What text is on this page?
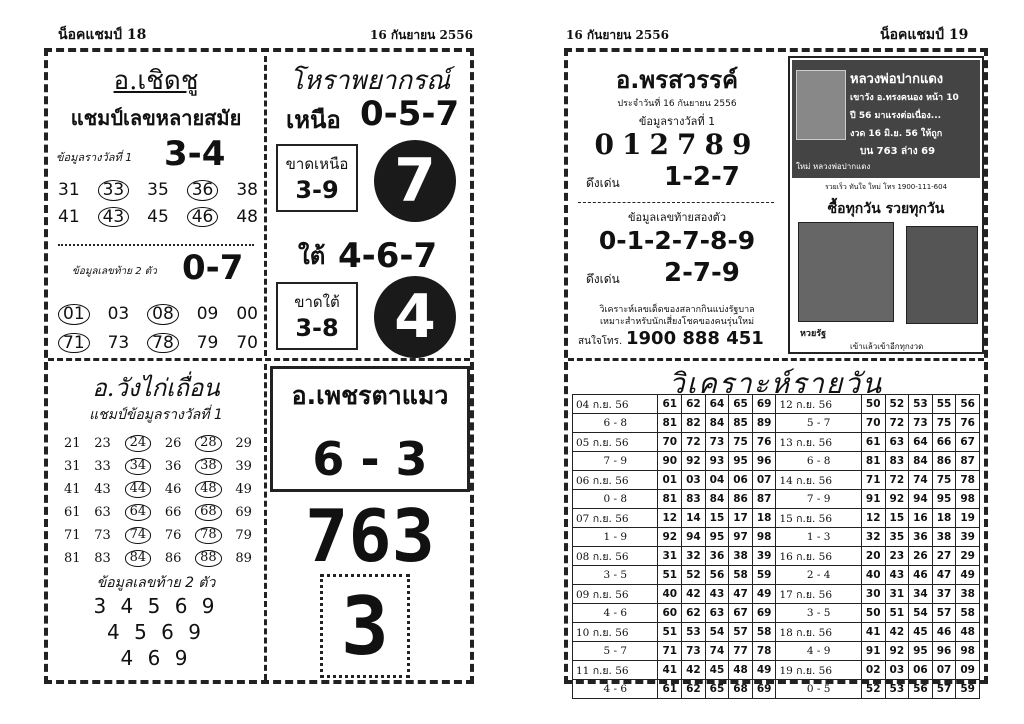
น็อคแชมป์ 18	16 กันยายน 2556
อ.เชิดชู
แชมป์เลขหลายสมัย
ข้อมูลรางวัลที่ 1 3-4
31 33 35 36 38
41 43 45 46 48
ข้อมูลเลขท้าย 2 ตัว 0-7
01 03 08 09 00
71 73 78 79 70
โหราพยากรณ์
เหนือ 0-5-7
ขาดเหนือ
3-9 7
ใต้ 4-6-7
ขาดใต้
3-8 4
อ.วังไก่เถื่อน
แชมป์ข้อมูลรางวัลที่ 1
21 23	24	26	28	29
31 33	34	36	38	39
41 43	44	46	48	49
61 63	64	66	68	69
71 73	74	76	78	79
81 83	84	86	88	89
ข้อมูลเลขท้าย 2 ตัว
3 4 5 6 9
4 5 6 9
4 6 9
อ.เพชรตาแมว
6 - 3
763
3
16 กันยายน 2556	น็อคแชมป์ 19
อ.พรสวรรค์
ประจำวันที่ 16 กันยายน 2556
ข้อมูลรางวัลที่ 1
012789
ดึงเด่น 1-2-7
ข้อมูลเลขท้ายสองตัว
0-1-2-7-8-9
ดึงเด่น 2-7-9
วิเคราะห์เลขเด็ดของสลากกินแบ่งรัฐบาล
เหมาะสำหรับนักเสี่ยงโชคของคนรุ่นใหม่
สนใจโทร. 1900 888 451
หลวงพ่อปากแดง
เขาวัง อ.ทรงคนอง หน้า 10
ปี 56 มาแรงต่อเนื่อง...
งวด 16 มิ.ย. 56 ให้ถูก
บน 763 ล่าง 69
ใหม่ หลวงพ่อปากแดง
รวยเร็ว ทันใจ ใหม่ โทร 1900-111-604
ซื้อทุกวัน รวยทุกวัน
หวยรัฐ
เข้าแล้วเข้าอีกทุกงวด
วิเคราะห์รายวัน
04 ก.ย. 56	61	62	64	65	69	12 ก.ย. 56	50	52	53	55	56
6 - 8	81	82	84	85	89	5 - 7	70	72	73	75	76
05 ก.ย. 56	70	72	73	75	76	13 ก.ย. 56	61	63	64	66	67
7 - 9	90	92	93	95	96	6 - 8	81	83	84	86	87
06 ก.ย. 56	01	03	04	06	07	14 ก.ย. 56	71	72	74	75	78
0 - 8	81	83	84	86	87	7 - 9	91	92	94	95	98
07 ก.ย. 56	12	14	15	17	18	15 ก.ย. 56	12	15	16	18	19
1 - 9	92	94	95	97	98	1 - 3	32	35	36	38	39
08 ก.ย. 56	31	32	36	38	39	16 ก.ย. 56	20	23	26	27	29
3 - 5	51	52	56	58	59	2 - 4	40	43	46	47	49
09 ก.ย. 56	40	42	43	47	49	17 ก.ย. 56	30	31	34	37	38
4 - 6	60	62	63	67	69	3 - 5	50	51	54	57	58
10 ก.ย. 56	51	53	54	57	58	18 ก.ย. 56	41	42	45	46	48
5 - 7	71	73	74	77	78	4 - 9	91	92	95	96	98
11 ก.ย. 56	41	42	45	48	49	19 ก.ย. 56	02	03	06	07	09
4 - 6	61	62	65	68	69	0 - 5	52	53	56	57	59
